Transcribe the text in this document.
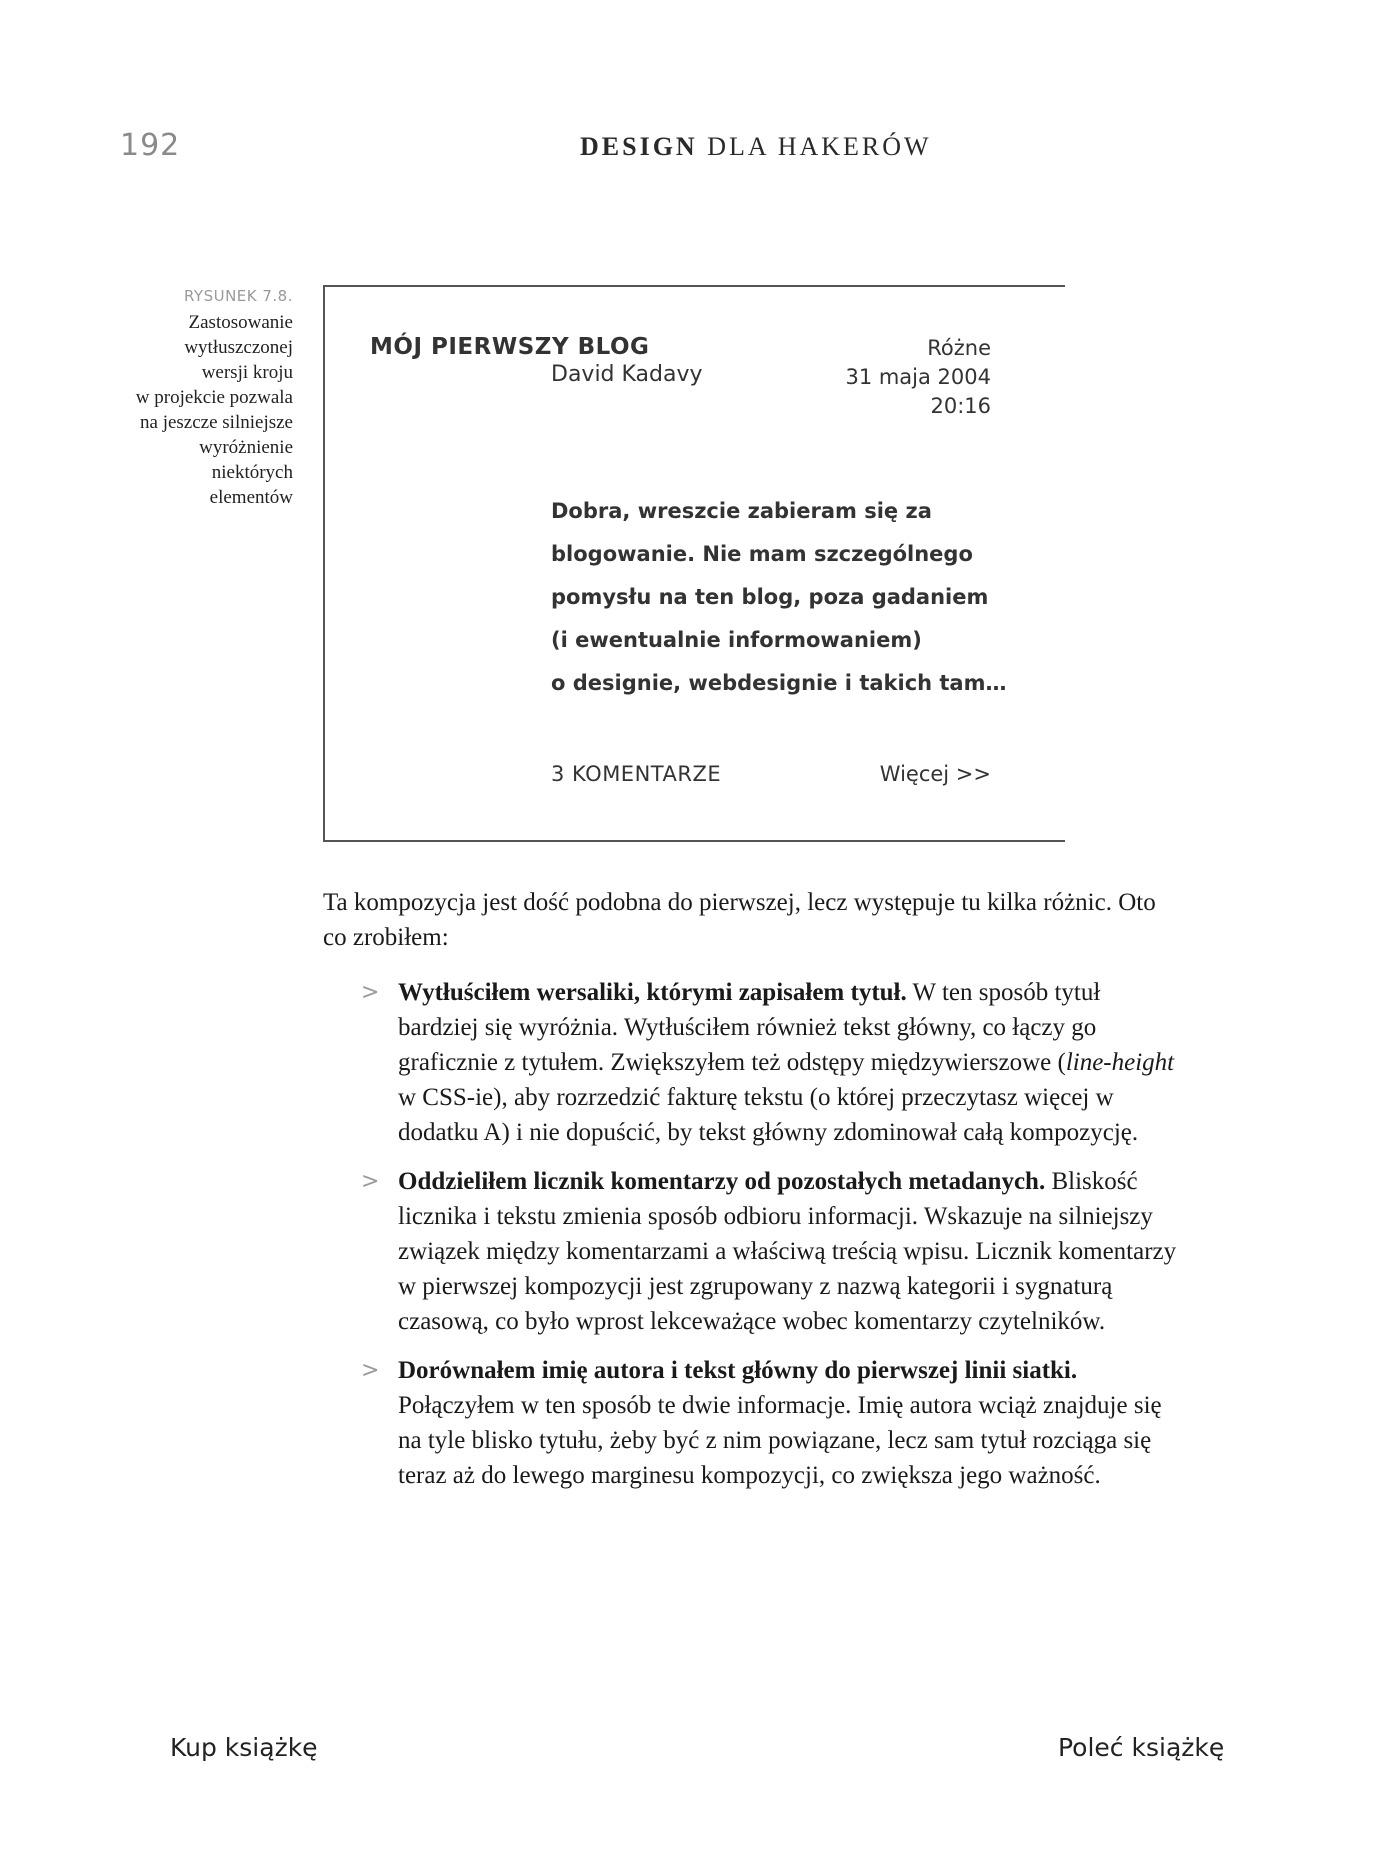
192	DESIGN DLA HAKERÓW
RYSUNEK 7.8.
Zastosowanie
wytłuszczonej
wersji kroju
w projekcie pozwala
na jeszcze silniejsze
wyróżnienie
niektórych
elementów
MÓJ PIERWSZY BLOG
David Kadavy
Różne
31 maja 2004
20:16
Dobra, wreszcie zabieram się za
blogowanie. Nie mam szczególnego
pomysłu na ten blog, poza gadaniem
(i ewentualnie informowaniem)
o designie, webdesignie i takich tam…
3 KOMENTARZE	Więcej >>

Ta kompozycja jest dość podobna do pierwszej, lecz występuje tu kilka różnic. Oto co zrobiłem:

> Wytłuściłem wersaliki, którymi zapisałem tytuł. W ten sposób tytuł bardziej się wyróżnia. Wytłuściłem również tekst główny, co łączy go graficznie z tytułem. Zwiększyłem też odstępy międzywierszowe (line-height w CSS-ie), aby rozrzedzić fakturę tekstu (o której przeczytasz więcej w dodatku A) i nie dopuścić, by tekst główny zdominował całą kompozycję.
> Oddzieliłem licznik komentarzy od pozostałych metadanych. Bliskość licznika i tekstu zmienia sposób odbioru informacji. Wskazuje na silniejszy związek między komentarzami a właściwą treścią wpisu. Licznik komentarzy w pierwszej kompozycji jest zgrupowany z nazwą kategorii i sygnaturą czasową, co było wprost lekceważące wobec komentarzy czytelników.
> Dorównałem imię autora i tekst główny do pierwszej linii siatki. Połączyłem w ten sposób te dwie informacje. Imię autora wciąż znajduje się na tyle blisko tytułu, żeby być z nim powiązane, lecz sam tytuł rozciąga się teraz aż do lewego marginesu kompozycji, co zwiększa jego ważność.
Kup książkę	Poleć książkę
